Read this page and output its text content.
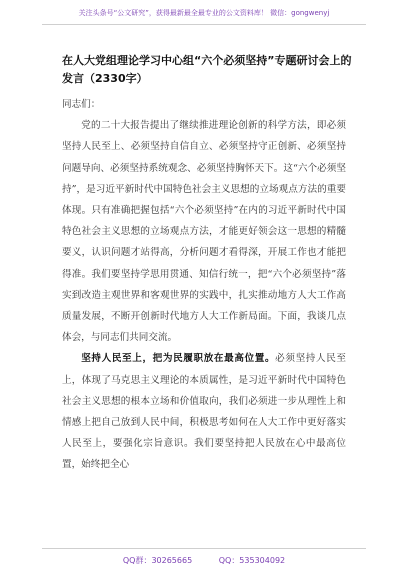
关注头条号“公文研究”，获得最新最全最专业的公文资料库！ 微信：gongwenyj
在人大党组理论学习中心组“六个必须坚持”专题研讨会上的发言（2330字）

同志们：

党的二十大报告提出了继续推进理论创新的科学方法，即必须坚持人民至上、必须坚持自信自立、必须坚持守正创新、必须坚持问题导向、必须坚持系统观念、必须坚持胸怀天下。这“六个必须坚持”，是习近平新时代中国特色社会主义思想的立场观点方法的重要体现。只有准确把握包括“六个必须坚持”在内的习近平新时代中国特色社会主义思想的立场观点方法，才能更好领会这一思想的精髓要义，认识问题才站得高，分析问题才看得深，开展工作也才能把得准。我们要坚持学思用贯通、知信行统一，把“六个必须坚持”落实到改造主观世界和客观世界的实践中，扎实推动地方人大工作高质量发展，不断开创新时代地方人大工作新局面。下面，我谈几点体会，与同志们共同交流。

坚持人民至上，把为民履职放在最高位置。必须坚持人民至上，体现了马克思主义理论的本质属性，是习近平新时代中国特色社会主义思想的根本立场和价值取向，我们必须进一步从理性上和情感上把自己放到人民中间，积极思考如何在人大工作中更好落实人民至上，要强化宗旨意识。我们要坚持把人民放在心中最高位置，始终把全心

QQ群：30265665	QQ：535304092
